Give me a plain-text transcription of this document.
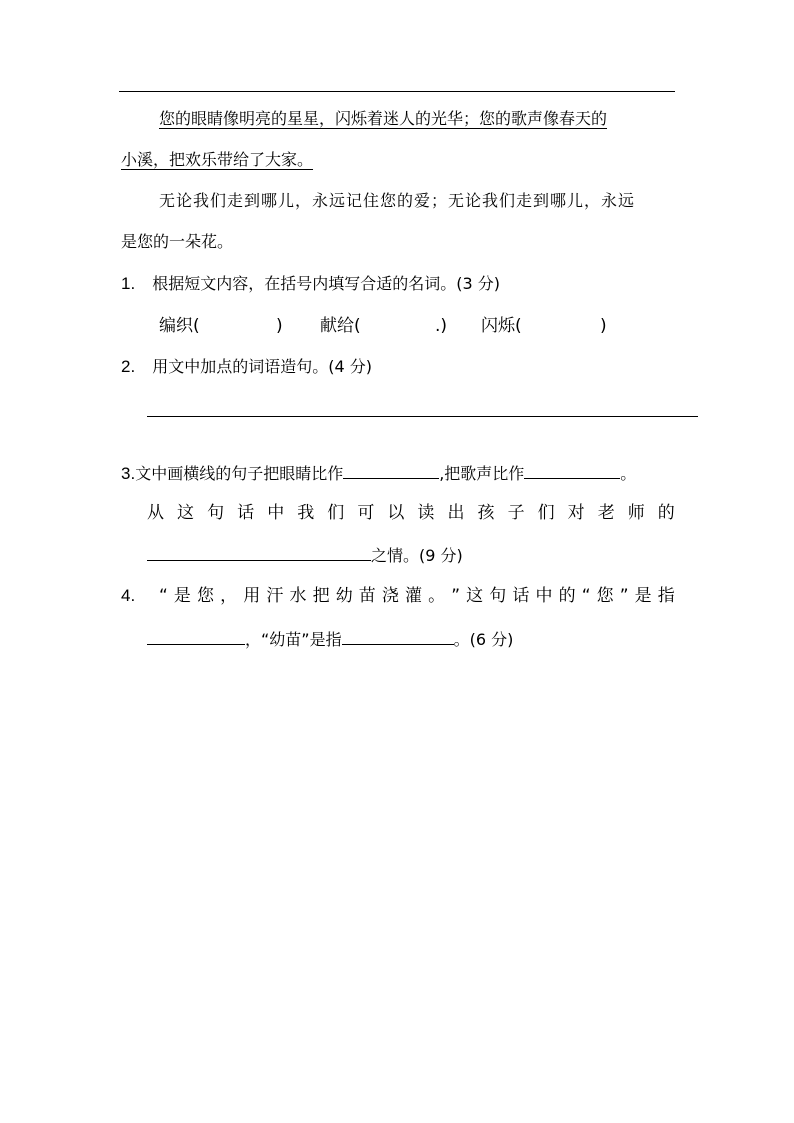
您的眼睛像明亮的星星，闪烁着迷人的光华；您的歌声像春天的
小溪，把欢乐带给了大家。
无论我们走到哪儿，永远记住您的爱；无论我们走到哪儿，永远
是您的一朵花。
1. 根据短文内容，在括号内填写合适的名词。(3 分)
编织(	) 献给(	.) 闪烁(	)
2. 用文中加点的词语造句。(4 分)
3.文中画横线的句子把眼睛比作	,把歌声比作	。
从 这 句 话 中 我 们 可 以 读 出 孩 子 们 对 老 师 的
之情。(9 分)
4. “ 是 您 ， 用 汗 水 把 幼 苗 浇 灌 。 ” 这 句 话 中 的 “ 您 ” 是 指
，“幼苗”是指	。(6 分)
